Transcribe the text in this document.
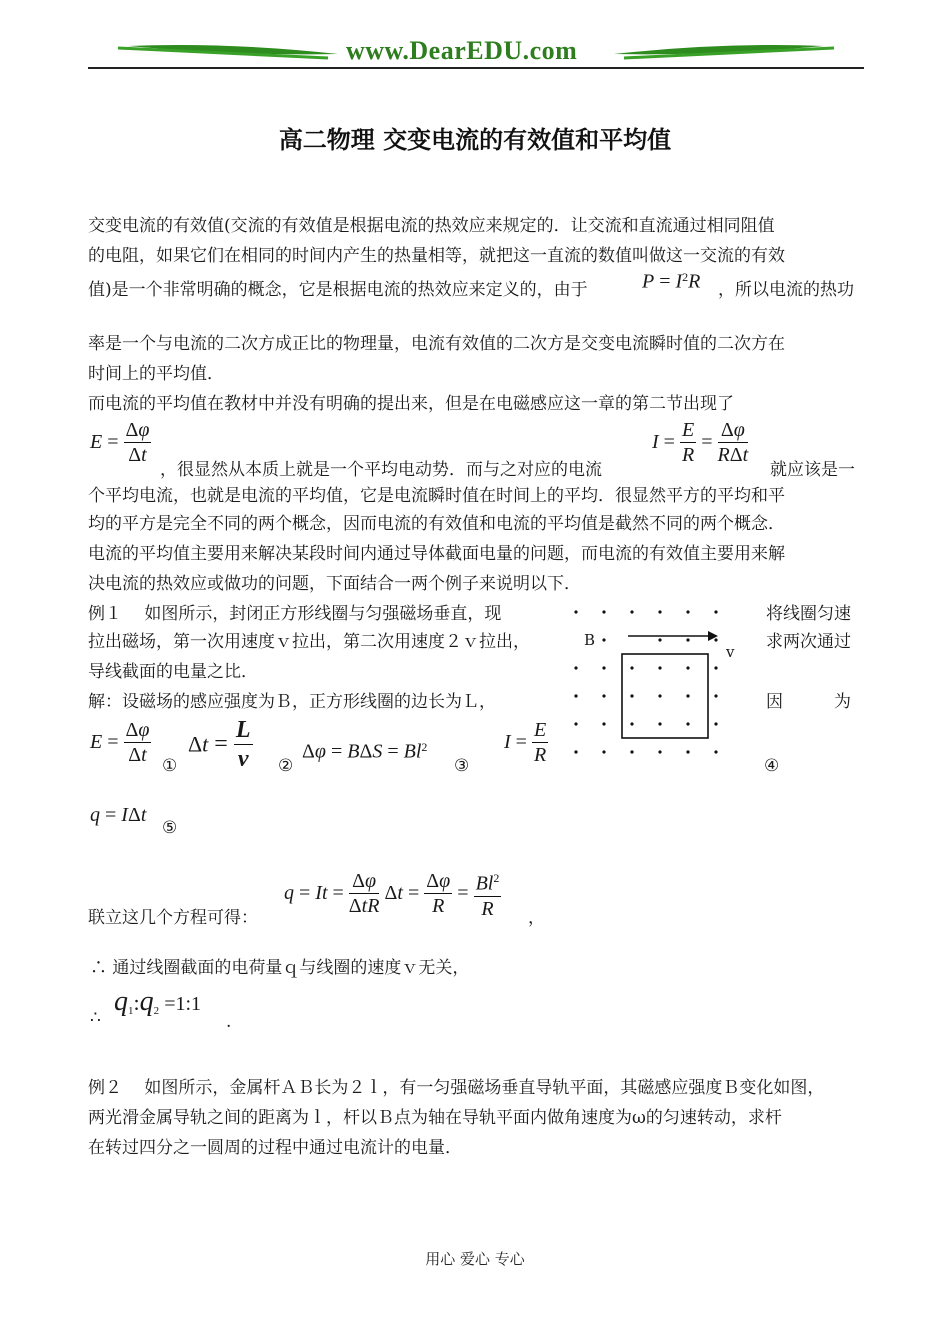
www.DearEDU.com
高二物理 交变电流的有效值和平均值
交变电流的有效值(交流的有效值是根据电流的热效应来规定的．让交流和直流通过相同阻值
的电阻，如果它们在相同的时间内产生的热量相等，就把这一直流的数值叫做这一交流的有效
值)是一个非常明确的概念，它是根据电流的热效应来定义的，由于	$P = I^2R$ ，所以电流的热功
率是一个与电流的二次方成正比的物理量，电流有效值的二次方是交变电流瞬时值的二次方在
时间上的平均值．
而电流的平均值在教材中并没有明确的提出来，但是在电磁感应这一章的第二节出现了
$E = \frac{\Delta\varphi}{\Delta t}$
，很显然从本质上就是一个平均电动势．而与之对应的电流
$I = \frac{E}{R} = \frac{\Delta\varphi}{\text{RΔt}}$
就应该是一
个平均电流，也就是电流的平均值，它是电流瞬时值在时间上的平均．很显然平方的平均和平
均的平方是完全不同的两个概念，因而电流的有效值和电流的平均值是截然不同的两个概念．
电流的平均值主要用来解决某段时间内通过导体截面电量的问题，而电流的有效值主要用来解
决电流的热效应或做功的问题，下面结合一两个例子来说明以下．
例１　 如图所示，封闭正方形线圈与匀强磁场垂直，现	将线圈匀速
拉出磁场，第一次用速度ｖ拉出，第二次用速度２ｖ拉出，	求两次通过
导线截面的电量之比．
解：设磁场的感应强度为Ｂ，正方形线圈的边长为Ｌ，	因　　　为
B
v
$E = \frac{\Delta\varphi}{\Delta t}$ ①
$\Delta t = \frac{L}{v}$ ②
$\Delta\varphi = B\Delta S = Bl^2$
③
$I = \frac{E}{R}$	④
q = IΔt
⑤
联立这几个方程可得：
$q = It = \frac{\Delta\varphi}{\text{ΔtR}}$ $\Delta t = \frac{\Delta\varphi}{R} = \frac{Bl^2}{R}$ ，
∴ 通过线圈截面的电荷量ｑ与线圈的速度ｖ无关，
∴
$q_1:q_2$ =1:1
.
例２　 如图所示，金属杆ＡＢ长为２ｌ，有一匀强磁场垂直导轨平面，其磁感应强度Ｂ变化如图，
两光滑金属导轨之间的距离为ｌ，杆以Ｂ点为轴在导轨平面内做角速度为ω的匀速转动，求杆
在转过四分之一圆周的过程中通过电流计的电量．
用心 爱心 专心
